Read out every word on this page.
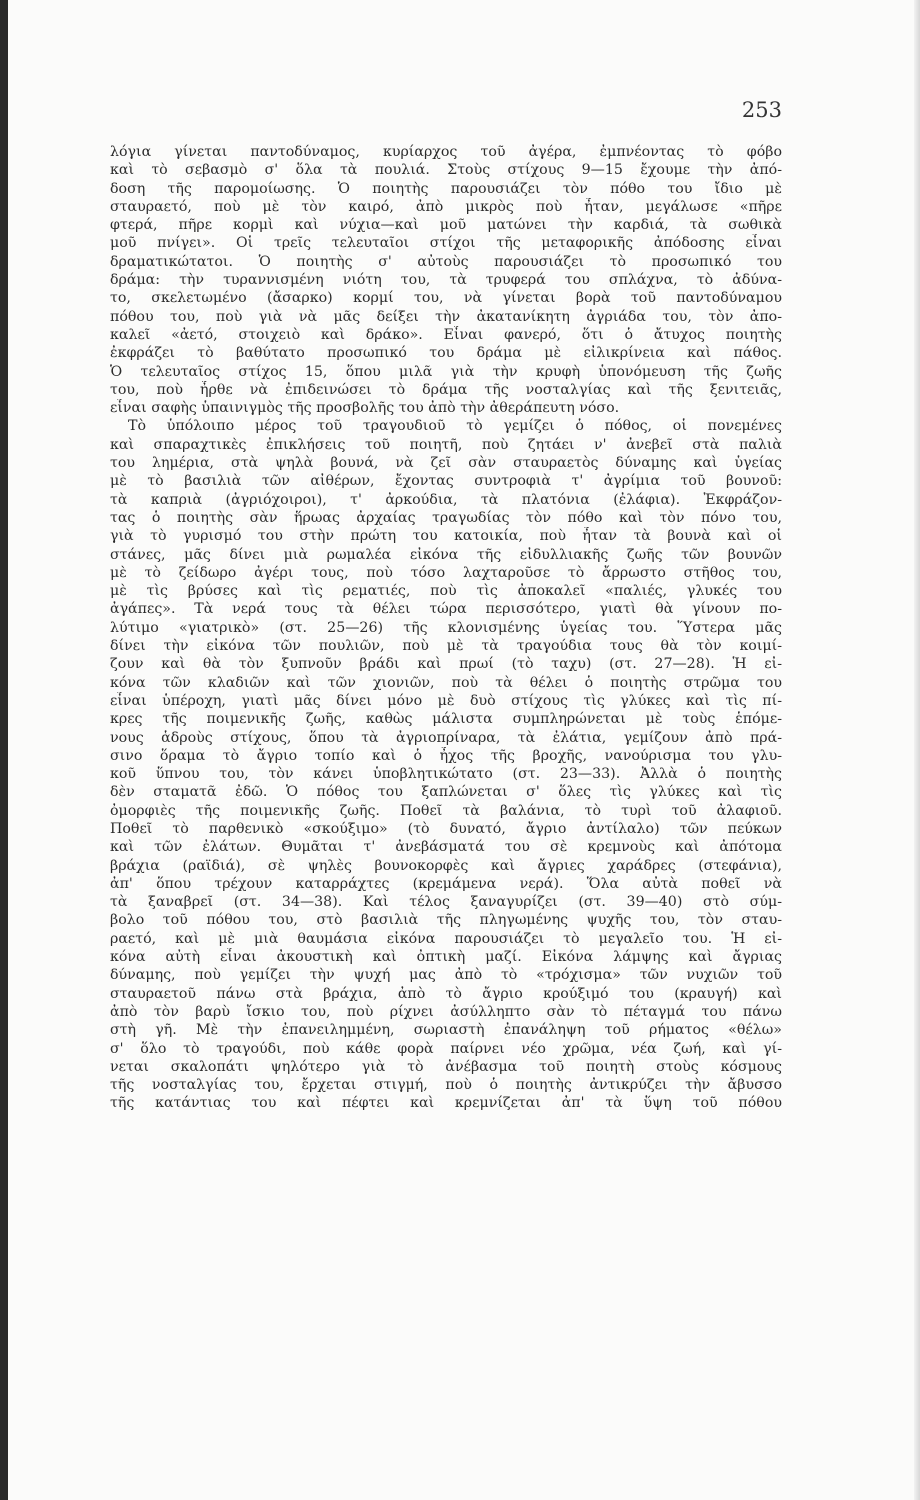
253
λόγια γίνεται παντοδύναμος, κυρίαρχος τοῦ ἀγέρα, ἐμπνέοντας τὸ φόβο
καὶ τὸ σεβασμὸ σ' ὅλα τὰ πουλιά. Στοὺς στίχους 9—15 ἔχουμε τὴν ἀπό-
δοση τῆς παρομοίωσης. Ὁ ποιητὴς παρουσιάζει τὸν πόθο του ἴδιο μὲ
σταυραετό, ποὺ μὲ τὸν καιρό, ἀπὸ μικρὸς ποὺ ἦταν, μεγάλωσε «πῆρε
φτερά, πῆρε κορμὶ καὶ νύχια—καὶ μοῦ ματώνει τὴν καρδιά, τὰ σωθικὰ
μοῦ πνίγει». Οἱ τρεῖς τελευταῖοι στίχοι τῆς μεταφορικῆς ἀπόδοσης εἶναι
δραματικώτατοι. Ὁ ποιητὴς σ' αὐτοὺς παρουσιάζει τὸ προσωπικό του
δράμα: τὴν τυραννισμένη νιότη του, τὰ τρυφερά του σπλάχνα, τὸ ἀδύνα-
το, σκελετωμένο (ἄσαρκο) κορμί του, νὰ γίνεται βορὰ τοῦ παντοδύναμου
πόθου του, ποὺ γιὰ νὰ μᾶς δείξει τὴν ἀκατανίκητη ἀγριάδα του, τὸν ἀπο-
καλεῖ «ἀετό, στοιχειὸ καὶ δράκο». Εἶναι φανερό, ὅτι ὁ ἄτυχος ποιητὴς
ἐκφράζει τὸ βαθύτατο προσωπικό του δράμα μὲ εἰλικρίνεια καὶ πάθος.
Ὁ τελευταῖος στίχος 15, ὅπου μιλᾶ γιὰ τὴν κρυφὴ ὑπονόμευση τῆς ζωῆς
του, ποὺ ἦρθε νὰ ἐπιδεινώσει τὸ δράμα τῆς νοσταλγίας καὶ τῆς ξενιτειᾶς,
εἶναι σαφὴς ὑπαινιγμὸς τῆς προσβολῆς του ἀπὸ τὴν ἀθεράπευτη νόσο.
Τὸ ὑπόλοιπο μέρος τοῦ τραγουδιοῦ τὸ γεμίζει ὁ πόθος, οἱ πονεμένες
καὶ σπαραχτικὲς ἐπικλήσεις τοῦ ποιητῆ, ποὺ ζητάει ν' ἀνεβεῖ στὰ παλιὰ
του λημέρια, στὰ ψηλὰ βουνά, νὰ ζεῖ σὰν σταυραετὸς δύναμης καὶ ὑγείας
μὲ τὸ βασιλιὰ τῶν αἰθέρων, ἔχοντας συντροφιὰ τ' ἀγρίμια τοῦ βουνοῦ:
τὰ καπριὰ (ἀγριόχοιροι), τ' ἀρκούδια, τὰ πλατόνια (ἐλάφια). Ἐκφράζον-
τας ὁ ποιητὴς σὰν ἥρωας ἀρχαίας τραγωδίας τὸν πόθο καὶ τὸν πόνο του,
γιὰ τὸ γυρισμό του στὴν πρώτη του κατοικία, ποὺ ἦταν τὰ βουνὰ καὶ οἱ
στάνες, μᾶς δίνει μιὰ ρωμαλέα εἰκόνα τῆς εἰδυλλιακῆς ζωῆς τῶν βουνῶν
μὲ τὸ ζείδωρο ἀγέρι τους, ποὺ τόσο λαχταροῦσε τὸ ἄρρωστο στῆθος του,
μὲ τὶς βρύσες καὶ τὶς ρεματιές, ποὺ τὶς ἀποκαλεῖ «παλιές, γλυκές του
ἀγάπες». Τὰ νερά τους τὰ θέλει τώρα περισσότερο, γιατὶ θὰ γίνουν πο-
λύτιμο «γιατρικὸ» (στ. 25—26) τῆς κλονισμένης ὑγείας του. Ὕστερα μᾶς
δίνει τὴν εἰκόνα τῶν πουλιῶν, ποὺ μὲ τὰ τραγούδια τους θὰ τὸν κοιμί-
ζουν καὶ θὰ τὸν ξυπνοῦν βράδι καὶ πρωί (τὸ ταχυ) (στ. 27—28). Ἡ εἰ-
κόνα τῶν κλαδιῶν καὶ τῶν χιονιῶν, ποὺ τὰ θέλει ὁ ποιητὴς στρῶμα του
εἶναι ὑπέροχη, γιατὶ μᾶς δίνει μόνο μὲ δυὸ στίχους τὶς γλύκες καὶ τὶς πί-
κρες τῆς ποιμενικῆς ζωῆς, καθὼς μάλιστα συμπληρώνεται μὲ τοὺς ἑπόμε-
νους ἁδροὺς στίχους, ὅπου τὰ ἀγριοπρίναρα, τὰ ἐλάτια, γεμίζουν ἀπὸ πρά-
σινο ὅραμα τὸ ἄγριο τοπίο καὶ ὁ ἦχος τῆς βροχῆς, νανούρισμα του γλυ-
κοῦ ὕπνου του, τὸν κάνει ὑποβλητικώτατο (στ. 23—33). Ἀλλὰ ὁ ποιητὴς
δὲν σταματᾶ ἐδῶ. Ὁ πόθος του ξαπλώνεται σ' ὅλες τὶς γλύκες καὶ τὶς
ὀμορφιὲς τῆς ποιμενικῆς ζωῆς. Ποθεῖ τὰ βαλάνια, τὸ τυρὶ τοῦ ἀλαφιοῦ.
Ποθεῖ τὸ παρθενικὸ «σκούξιμο» (τὸ δυνατό, ἄγριο ἀντίλαλο) τῶν πεύκων
καὶ τῶν ἐλάτων. Θυμᾶται τ' ἀνεβάσματά του σὲ κρεμνοὺς καὶ ἀπότομα
βράχια (ραϊδιά), σὲ ψηλὲς βουνοκορφὲς καὶ ἄγριες χαράδρες (στεφάνια),
ἀπ' ὅπου τρέχουν καταρράχτες (κρεμάμενα νερά). Ὅλα αὐτὰ ποθεῖ νὰ
τὰ ξαναβρεῖ (στ. 34—38). Καὶ τέλος ξαναγυρίζει (στ. 39—40) στὸ σύμ-
βολο τοῦ πόθου του, στὸ βασιλιὰ τῆς πληγωμένης ψυχῆς του, τὸν σταυ-
ραετό, καὶ μὲ μιὰ θαυμάσια εἰκόνα παρουσιάζει τὸ μεγαλεῖο του. Ἡ εἰ-
κόνα αὐτὴ εἶναι ἀκουστικὴ καὶ ὀπτικὴ μαζί. Εἰκόνα λάμψης καὶ ἄγριας
δύναμης, ποὺ γεμίζει τὴν ψυχή μας ἀπὸ τὸ «τρόχισμα» τῶν νυχιῶν τοῦ
σταυραετοῦ πάνω στὰ βράχια, ἀπὸ τὸ ἄγριο κρούξιμό του (κραυγή) καὶ
ἀπὸ τὸν βαρὺ ἴσκιο του, ποὺ ρίχνει ἀσύλληπτο σὰν τὸ πέταγμά του πάνω
στὴ γῆ. Μὲ τὴν ἐπανειλημμένη, σωριαστὴ ἐπανάληψη τοῦ ρήματος «θέλω»
σ' ὅλο τὸ τραγούδι, ποὺ κάθε φορὰ παίρνει νέο χρῶμα, νέα ζωή, καὶ γί-
νεται σκαλοπάτι ψηλότερο γιὰ τὸ ἀνέβασμα τοῦ ποιητὴ στοὺς κόσμους
τῆς νοσταλγίας του, ἔρχεται στιγμή, ποὺ ὁ ποιητὴς ἀντικρύζει τὴν ἄβυσσο
τῆς κατάντιας του καὶ πέφτει καὶ κρεμνίζεται ἀπ' τὰ ὕψη τοῦ πόθου
